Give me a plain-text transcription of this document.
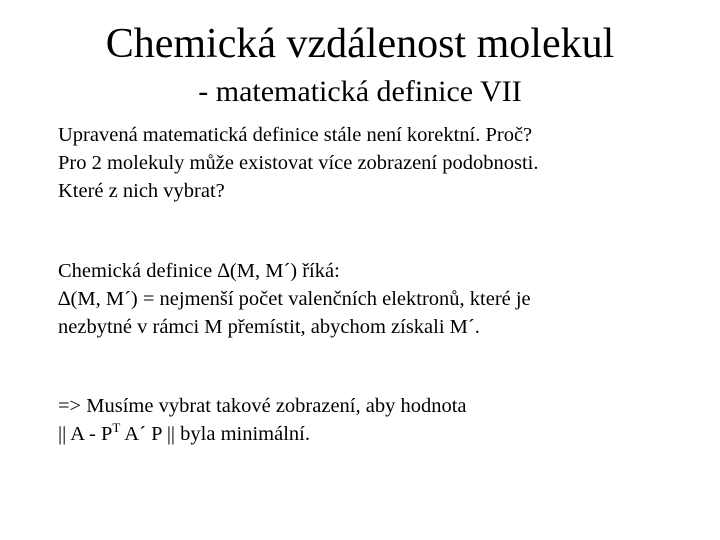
Chemická vzdálenost molekul
- matematická definice VII
Upravená matematická definice stále není korektní. Proč?
Pro 2 molekuly může existovat více zobrazení podobnosti.
Které z nich vybrat?
Chemická definice ∆(M, M´) říká:
∆(M, M´) = nejmenší počet valenčních elektronů, které je
nezbytné v rámci M přemístit, abychom získali M´.
=> Musíme vybrat takové zobrazení, aby hodnota
|| A - $P^T$ A´ P || byla minimální.
